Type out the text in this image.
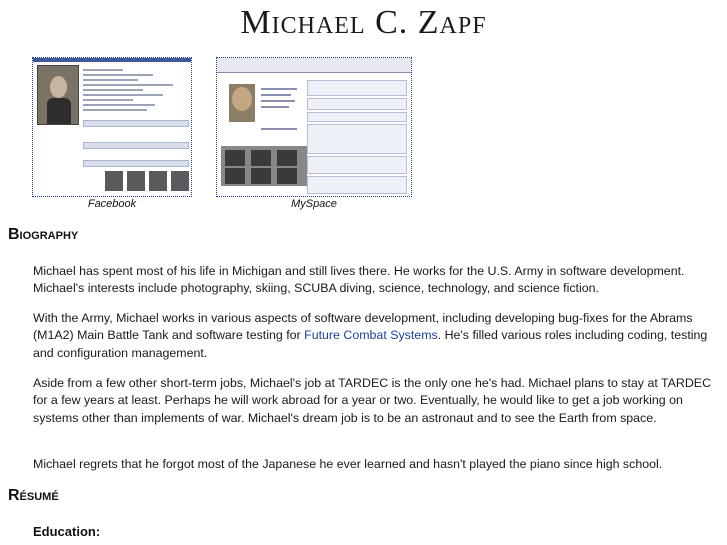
Michael C. Zapf
Facebook	MySpace
Biography

Michael has spent most of his life in Michigan and still lives there. He works for the U.S. Army in software development. Michael's interests include photography, skiing, SCUBA diving, science, technology, and science fiction.

With the Army, Michael works in various aspects of software development, including developing bug-fixes for the Abrams (M1A2) Main Battle Tank and software testing for Future Combat Systems. He's filled various roles including coding, testing and configuration management.

Aside from a few other short-term jobs, Michael's job at TARDEC is the only one he's had. Michael plans to stay at TARDEC for a few years at least. Perhaps he will work abroad for a year or two. Eventually, he would like to get a job working on systems other than implements of war. Michael's dream job is to be an astronaut and to see the Earth from space.

Michael regrets that he forgot most of the Japanese he ever learned and hasn't played the piano since high school.

Résumé
Education:
